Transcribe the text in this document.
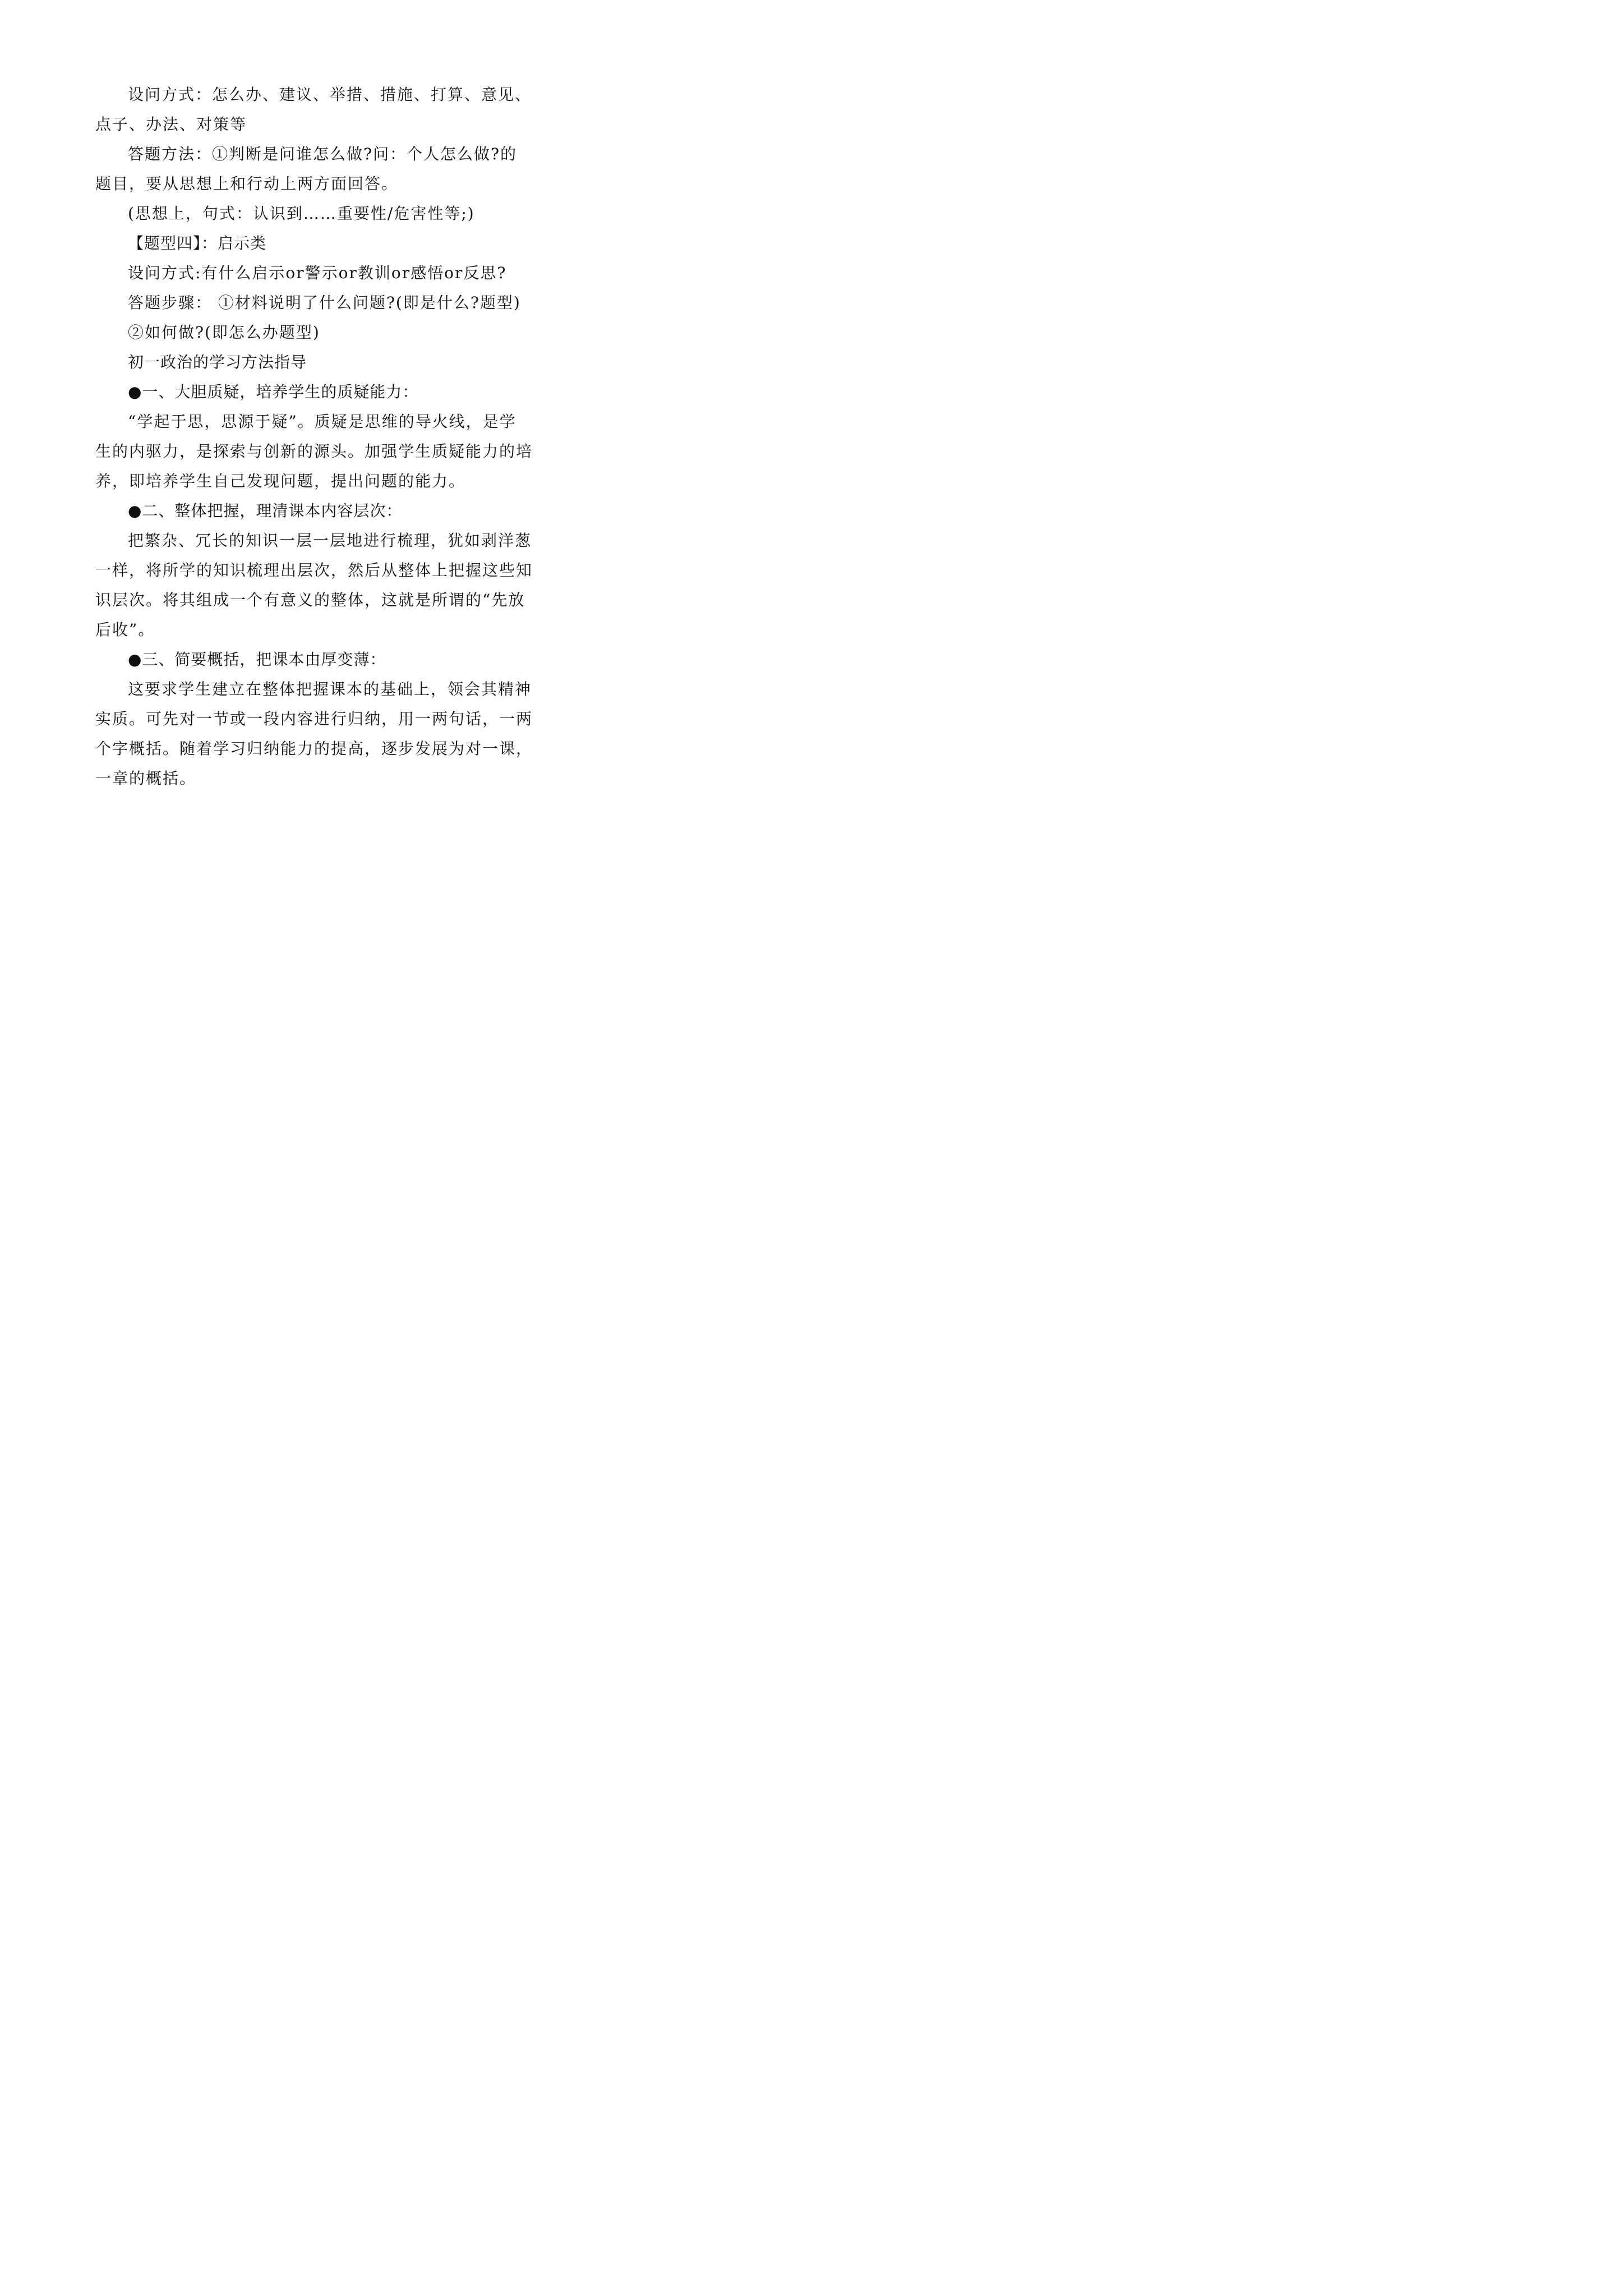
设问方式：怎么办、建议、举措、措施、打算、意见、点子、办法、对策等

答题方法：①判断是问谁怎么做?问：个人怎么做?的题目，要从思想上和行动上两方面回答。

(思想上，句式：认识到……重要性/危害性等;)

【题型四】：启示类

设问方式:有什么启示or警示or教训or感悟or反思?

答题步骤： ①材料说明了什么问题?(即是什么?题型)

②如何做?(即怎么办题型)

初一政治的学习方法指导

●一、大胆质疑，培养学生的质疑能力：

“学起于思，思源于疑”。质疑是思维的导火线，是学生的内驱力，是探索与创新的源头。加强学生质疑能力的培养，即培养学生自己发现问题，提出问题的能力。

●二、整体把握，理清课本内容层次：

把繁杂、冗长的知识一层一层地进行梳理，犹如剥洋葱一样，将所学的知识梳理出层次，然后从整体上把握这些知识层次。将其组成一个有意义的整体，这就是所谓的“先放后收”。

●三、简要概括，把课本由厚变薄：

这要求学生建立在整体把握课本的基础上，领会其精神实质。可先对一节或一段内容进行归纳，用一两句话，一两个字概括。随着学习归纳能力的提高，逐步发展为对一课，一章的概括。
